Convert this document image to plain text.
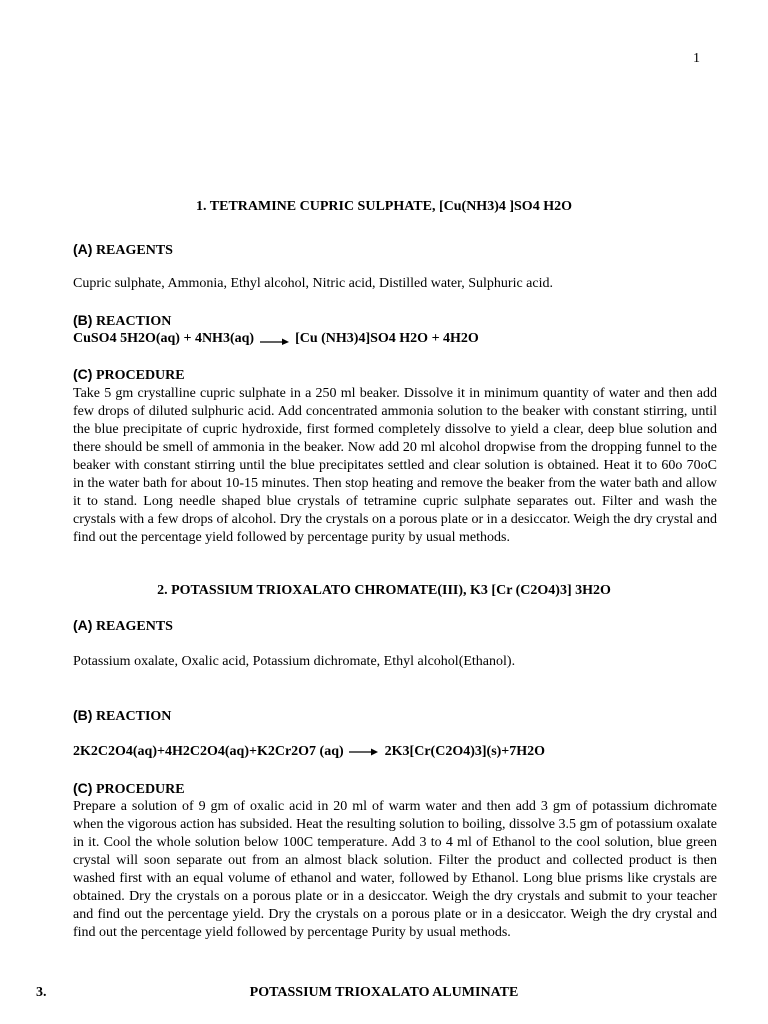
1
1. TETRAMINE CUPRIC SULPHATE, [Cu(NH3)4 ]SO4 H2O
(A) REAGENTS
Cupric sulphate, Ammonia, Ethyl alcohol, Nitric acid, Distilled water, Sulphuric acid.
(B) REACTION
CuSO4 5H2O(aq) + 4NH3(aq) → [Cu (NH3)4]SO4 H2O + 4H2O
(C) PROCEDURE
Take 5 gm crystalline cupric sulphate in a 250 ml beaker. Dissolve it in minimum quantity of water and then add few drops of diluted sulphuric acid. Add concentrated ammonia solution to the beaker with constant stirring, until the blue precipitate of cupric hydroxide, first formed completely dissolve to yield a clear, deep blue solution and there should be smell of ammonia in the beaker. Now add 20 ml alcohol dropwise from the dropping funnel to the beaker with constant stirring until the blue precipitates settled and clear solution is obtained. Heat it to 60o 70oC in the water bath for about 10-15 minutes. Then stop heating and remove the beaker from the water bath and allow it to stand. Long needle shaped blue crystals of tetramine cupric sulphate separates out. Filter and wash the crystals with a few drops of alcohol. Dry the crystals on a porous plate or in a desiccator. Weigh the dry crystal and find out the percentage yield followed by percentage purity by usual methods.
2. POTASSIUM TRIOXALATO CHROMATE(III), K3 [Cr (C2O4)3] 3H2O
(A) REAGENTS
Potassium oxalate, Oxalic acid, Potassium dichromate, Ethyl alcohol(Ethanol).
(B) REACTION
2K2C2O4(aq)+4H2C2O4(aq)+K2Cr2O7 (aq) → 2K3[Cr(C2O4)3](s)+7H2O
(C) PROCEDURE
Prepare a solution of 9 gm of oxalic acid in 20 ml of warm water and then add 3 gm of potassium dichromate when the vigorous action has subsided. Heat the resulting solution to boiling, dissolve 3.5 gm of potassium oxalate in it. Cool the whole solution below 100C temperature. Add 3 to 4 ml of Ethanol to the cool solution, blue green crystal will soon separate out from an almost black solution. Filter the product and collected product is then washed first with an equal volume of ethanol and water, followed by Ethanol. Long blue prisms like crystals are obtained. Dry the crystals on a porous plate or in a desiccator. Weigh the dry crystals and submit to your teacher and find out the percentage yield. Dry the crystals on a porous plate or in a desiccator. Weigh the dry crystal and find out the percentage yield followed by percentage Purity by usual methods.
3.	POTASSIUM TRIOXALATO ALUMINATE
